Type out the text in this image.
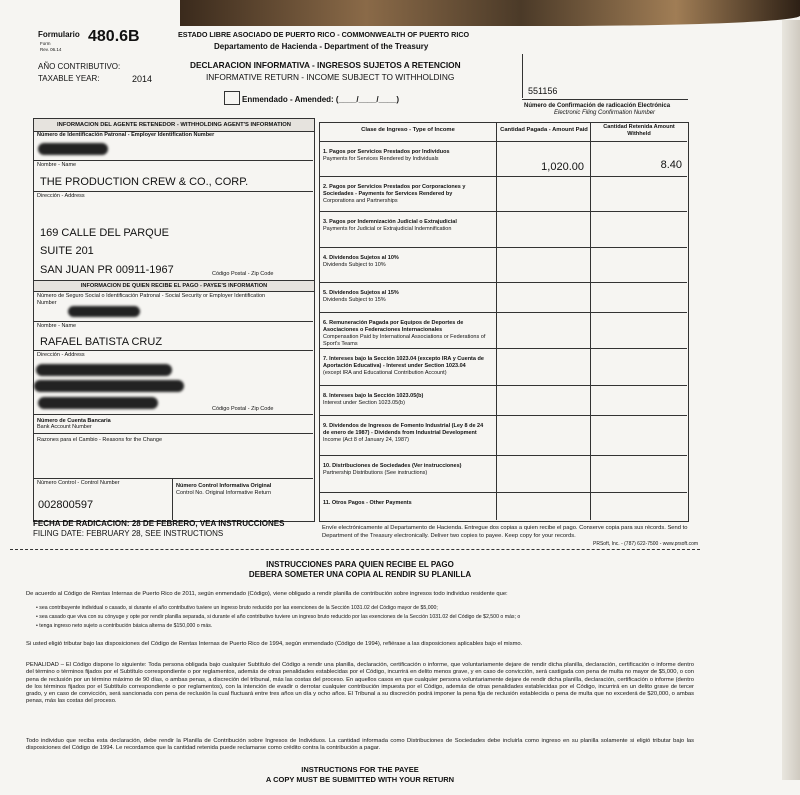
Formulario 480.6B
Form
Rev. 06.14
AÑO CONTRIBUTIVO:
TAXABLE YEAR:	2014
ESTADO LIBRE ASOCIADO DE PUERTO RICO - COMMONWEALTH OF PUERTO RICO
Departamento de Hacienda - Department of the Treasury
DECLARACION INFORMATIVA - INGRESOS SUJETOS A RETENCION
INFORMATIVE RETURN - INCOME SUBJECT TO WITHHOLDING
Enmendado - Amended: (____/____/____)
551156
Número de Confirmación de radicación Electrónica
Electronic Filing Confirmation Number
INFORMACION DEL AGENTE RETENEDOR - WITHHOLDING AGENT'S INFORMATION
Número de Identificación Patronal - Employer Identification Number
Nombre - Name
THE PRODUCTION CREW & CO., CORP.
Dirección - Address
169 CALLE DEL PARQUE
SUITE 201
SAN JUAN PR 00911-1967	Código Postal - Zip Code
INFORMACION DE QUIEN RECIBE EL PAGO - PAYEE'S INFORMATION
Número de Seguro Social o Identificación Patronal - Social Security or Employer Identification
Number
Nombre - Name
RAFAEL BATISTA CRUZ
Dirección - Address
Código Postal - Zip Code
Número de Cuenta Bancaria
Bank Account Number
Razones para el Cambio - Reasons for the Change
Número Control - Control Number
002800597
Número Control Informativa Original
Control No. Original Informative Return
Clase de Ingreso - Type of Income	Cantidad Pagada - Amount Paid	Cantidad Retenida Amount Withheld
1. Pagos por Servicios Prestados por Individuos
Payments for Services Rendered by Individuals
1,020.00	8.40
2. Pagos por Servicios Prestados por Corporaciones y Sociedades - Payments for Services Rendered by
Corporations and Partnerships
3. Pagos por Indemnización Judicial o Extrajudicial
Payments for Judicial or Extrajudicial Indemnification
4. Dividendos Sujetos al 10%
Dividends Subject to 10%
5. Dividendos Sujetos al 15%
Dividends Subject to 15%
6. Remuneración Pagada por Equipos de Deportes de Asociaciones o Federaciones Internacionales
Compensation Paid by International Associations or Federations of Sport's Teams
7. Intereses bajo la Sección 1023.04 (excepto IRA y Cuenta de Aportación Educativa) - Interest under Section 1023.04
(except IRA and Educational Contribution Account)
8. Intereses bajo la Sección 1023.05(b)
Interest under Section 1023.05(b)
9. Dividendos de Ingresos de Fomento Industrial (Ley 8 de 24 de enero de 1987) - Dividends from Industrial Development
Income (Act 8 of January 24, 1987)
10. Distribuciones de Sociedades (Ver instrucciones)
Partnership Distributions (See instructions)
11. Otros Pagos - Other Payments
FECHA DE RADICACION: 28 DE FEBRERO, VEA INSTRUCCIONES
FILING DATE: FEBRUARY 28, SEE INSTRUCTIONS
Envíe electrónicamente al Departamento de Hacienda. Entregue dos copias a quien recibe el pago. Conserve copia para sus récords. Send to Department of the Treasury electronically. Deliver two copies to payee. Keep copy for your records.
PRSoft, Inc. - (787) 622-7500 - www.prsoft.com
INSTRUCCIONES PARA QUIEN RECIBE EL PAGO
DEBERA SOMETER UNA COPIA AL RENDIR SU PLANILLA
De acuerdo al Código de Rentas Internas de Puerto Rico de 2011, según enmendado (Código), viene obligado a rendir planilla de contribución sobre ingresos todo individuo residente que:
• sea contribuyente individual o casado, si durante el año contributivo tuviere un ingreso bruto reducido por las exenciones de la Sección 1031.02 del Código mayor de $5,000;
• sea casado que viva con su cónyuge y opte por rendir planilla separada, si durante el año contributivo tuviere un ingreso bruto reducido por las exenciones de la Sección 1031.02 del Código de $2,500 o más; o
• tenga ingreso neto sujeto a contribución básica alterna de $150,000 o más.
Si usted eligió tributar bajo las disposiciones del Código de Rentas Internas de Puerto Rico de 1994, según enmendado (Código de 1994), refiérase a las disposiciones aplicables bajo el mismo.
PENALIDAD – El Código dispone lo siguiente: Toda persona obligada bajo cualquier Subtítulo del Código a rendir una planilla, declaración, certificación o informe, que voluntariamente dejare de rendir dicha planilla, declaración, certificación o informe dentro del término o términos fijados por el Subtítulo correspondiente o por reglamentos, además de otras penalidades establecidas por el Código, incurrirá en delito menos grave, y en caso de convicción, será castigada con pena de multa no mayor de $5,000, o con pena de reclusión por un término máximo de 90 días, o ambas penas, a discreción del tribunal, más las costas del proceso. En aquellos casos en que cualquier persona voluntariamente dejare de rendir dicha planilla, declaración, certificación o informe (dentro de los términos fijados por el Subtítulo correspondiente o por reglamentos), con la intención de evadir o derrotar cualquier contribución impuesta por el Código, además de otras penalidades establecidas por el Código, incurrirá en un delito grave de tercer grado, y en caso de convicción, será sancionada con pena de reclusión la cual fluctuará entre tres años un día y ocho años. El Tribunal a su discreción podrá imponer la pena fija de reclusión establecida o pena de multa que no excederá de $20,000, o ambas penas, más las costas del proceso.
Todo individuo que reciba esta declaración, debe rendir la Planilla de Contribución sobre Ingresos de Individuos. La cantidad informada como Distribuciones de Sociedades debe incluirla como ingreso en su planilla solamente si eligió tributar bajo las disposiciones del Código de 1994. Le recordamos que la cantidad retenida puede reclamarse como crédito contra la contribución a pagar.
INSTRUCTIONS FOR THE PAYEE
A COPY MUST BE SUBMITTED WITH YOUR RETURN
